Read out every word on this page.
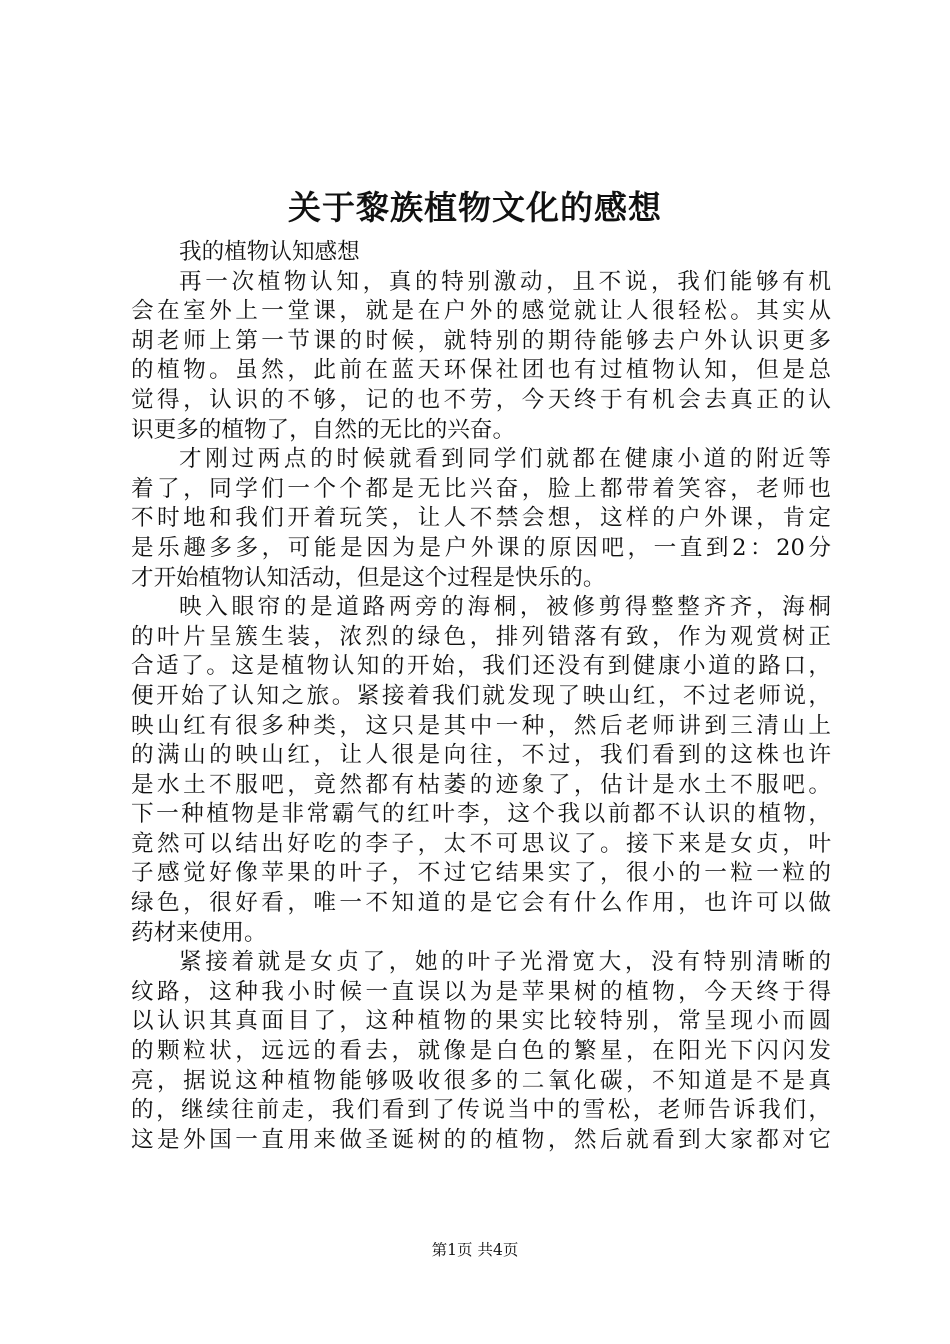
关于黎族植物文化的感想
我的植物认知感想
再一次植物认知，真的特别激动，且不说，我们能够有机
会在室外上一堂课，就是在户外的感觉就让人很轻松。其实从
胡老师上第一节课的时候，就特别的期待能够去户外认识更多
的植物。虽然，此前在蓝天环保社团也有过植物认知，但是总
觉得，认识的不够，记的也不劳，今天终于有机会去真正的认
识更多的植物了，自然的无比的兴奋。
才刚过两点的时候就看到同学们就都在健康小道的附近等
着了，同学们一个个都是无比兴奋，脸上都带着笑容，老师也
不时地和我们开着玩笑，让人不禁会想，这样的户外课，肯定
是乐趣多多，可能是因为是户外课的原因吧，一直到2：20分
才开始植物认知活动，但是这个过程是快乐的。
映入眼帘的是道路两旁的海桐，被修剪得整整齐齐，海桐
的叶片呈簇生装，浓烈的绿色，排列错落有致，作为观赏树正
合适了。这是植物认知的开始，我们还没有到健康小道的路口，
便开始了认知之旅。紧接着我们就发现了映山红，不过老师说，
映山红有很多种类，这只是其中一种，然后老师讲到三清山上
的满山的映山红，让人很是向往，不过，我们看到的这株也许
是水土不服吧，竟然都有枯萎的迹象了，估计是水土不服吧。
下一种植物是非常霸气的红叶李，这个我以前都不认识的植物，
竟然可以结出好吃的李子，太不可思议了。接下来是女贞，叶
子感觉好像苹果的叶子，不过它结果实了，很小的一粒一粒的
绿色，很好看，唯一不知道的是它会有什么作用，也许可以做
药材来使用。
紧接着就是女贞了，她的叶子光滑宽大，没有特别清晰的
纹路，这种我小时候一直误以为是苹果树的植物，今天终于得
以认识其真面目了，这种植物的果实比较特别，常呈现小而圆
的颗粒状，远远的看去，就像是白色的繁星，在阳光下闪闪发
亮，据说这种植物能够吸收很多的二氧化碳，不知道是不是真
的，继续往前走，我们看到了传说当中的雪松，老师告诉我们，
这是外国一直用来做圣诞树的的植物，然后就看到大家都对它
第1页 共4页
